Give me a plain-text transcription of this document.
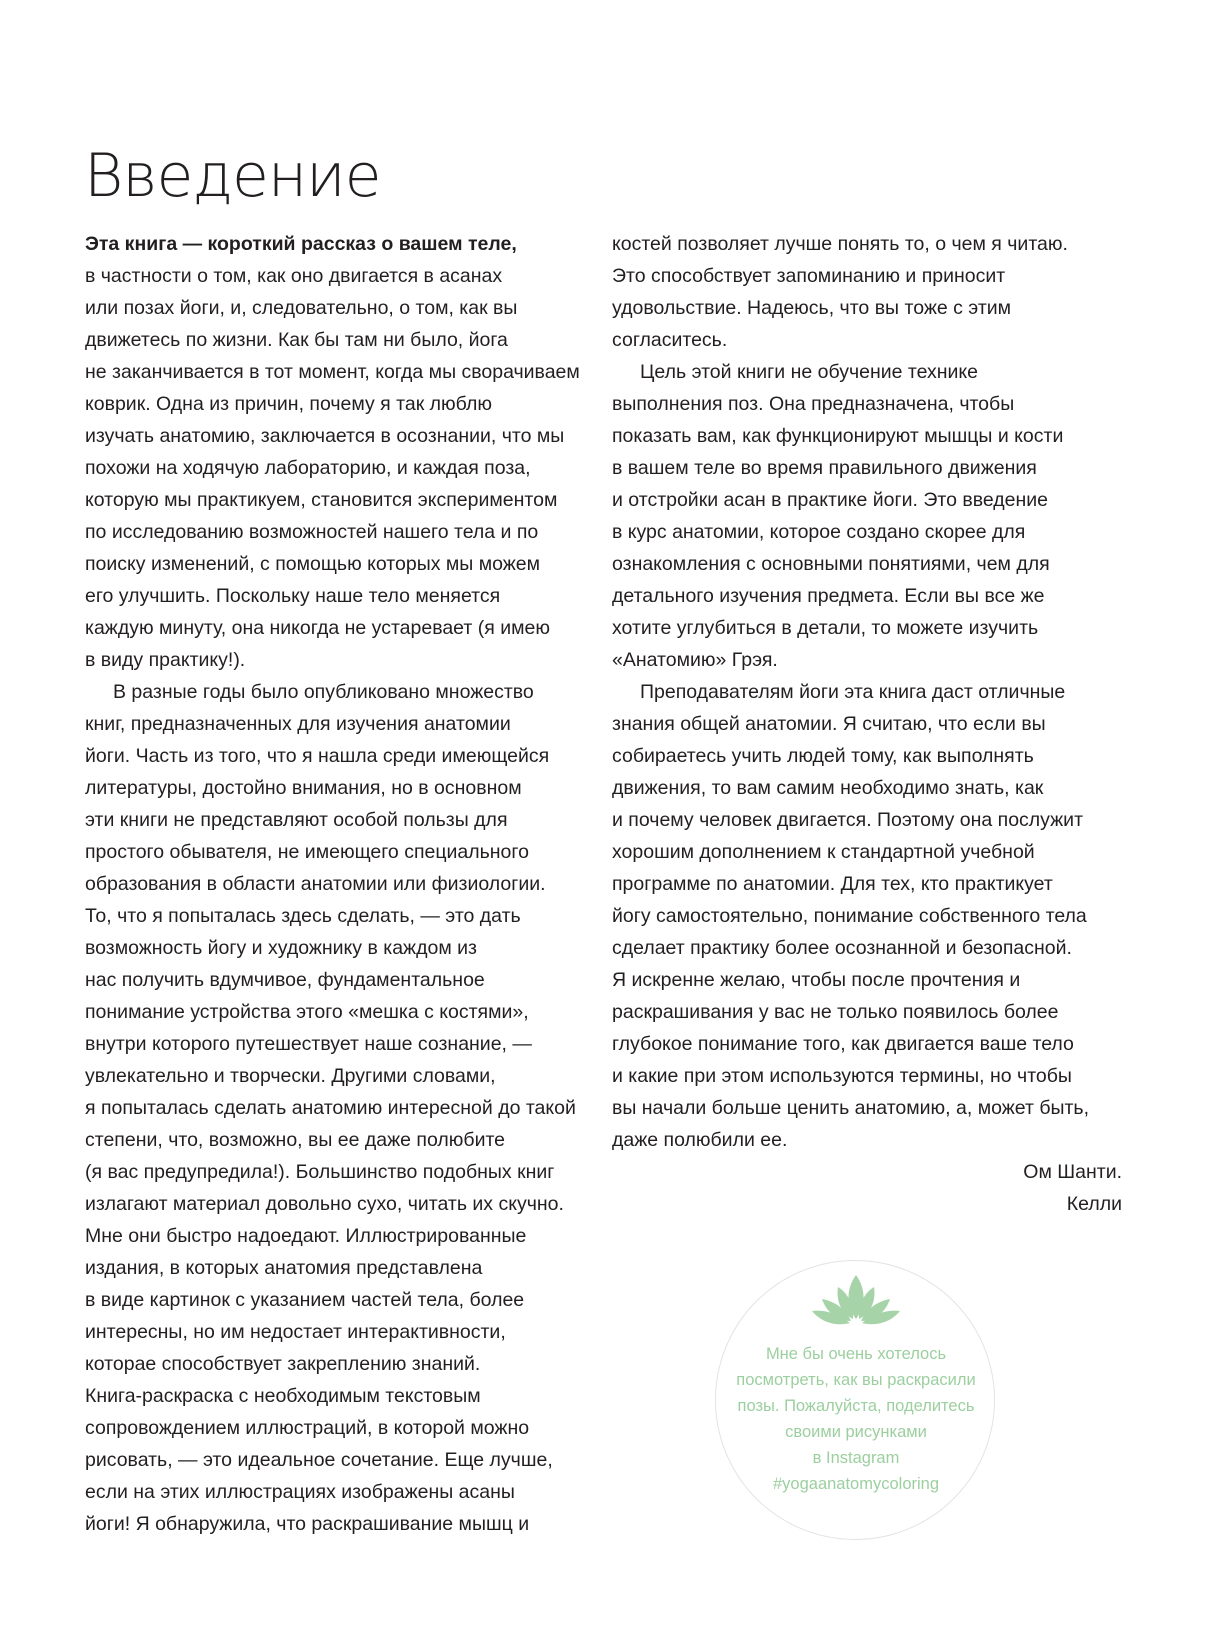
Введение
Эта книга — короткий рассказ о вашем теле,
в частности о том, как оно двигается в асанах
или позах йоги, и, следовательно, о том, как вы
движетесь по жизни. Как бы там ни было, йога
не заканчивается в тот момент, когда мы сворачиваем
коврик. Одна из причин, почему я так люблю
изучать анатомию, заключается в осознании, что мы
похожи на ходячую лабораторию, и каждая поза,
которую мы практикуем, становится экспериментом
по исследованию возможностей нашего тела и по
поиску изменений, с помощью которых мы можем
его улучшить. Поскольку наше тело меняется
каждую минуту, она никогда не устаревает (я имею
в виду практику!).
В разные годы было опубликовано множество
книг, предназначенных для изучения анатомии
йоги. Часть из того, что я нашла среди имеющейся
литературы, достойно внимания, но в основном
эти книги не представляют особой пользы для
простого обывателя, не имеющего специального
образования в области анатомии или физиологии.
То, что я попыталась здесь сделать, — это дать
возможность йогу и художнику в каждом из
нас получить вдумчивое, фундаментальное
понимание устройства этого «мешка с костями»,
внутри которого путешествует наше сознание, —
увлекательно и творчески. Другими словами,
я попыталась сделать анатомию интересной до такой
степени, что, возможно, вы ее даже полюбите
(я вас предупредила!). Большинство подобных книг
излагают материал довольно сухо, читать их скучно.
Мне они быстро надоедают. Иллюстрированные
издания, в которых анатомия представлена
в виде картинок с указанием частей тела, более
интересны, но им недостает интерактивности,
которае способствует закреплению знаний.
Книга-раскраска с необходимым текстовым
сопровождением иллюстраций, в которой можно
рисовать, — это идеальное сочетание. Еще лучше,
если на этих иллюстрациях изображены асаны
йоги! Я обнаружила, что раскрашивание мышц и
костей позволяет лучше понять то, о чем я читаю.
Это способствует запоминанию и приносит
удовольствие. Надеюсь, что вы тоже с этим
согласитесь.
Цель этой книги не обучение технике
выполнения поз. Она предназначена, чтобы
показать вам, как функционируют мышцы и кости
в вашем теле во время правильного движения
и отстройки асан в практике йоги. Это введение
в курс анатомии, которое создано скорее для
ознакомления с основными понятиями, чем для
детального изучения предмета. Если вы все же
хотите углубиться в детали, то можете изучить
«Анатомию» Грэя.
Преподавателям йоги эта книга даст отличные
знания общей анатомии. Я считаю, что если вы
собираетесь учить людей тому, как выполнять
движения, то вам самим необходимо знать, как
и почему человек двигается. Поэтому она послужит
хорошим дополнением к стандартной учебной
программе по анатомии. Для тех, кто практикует
йогу самостоятельно, понимание собственного тела
сделает практику более осознанной и безопасной.
Я искренне желаю, чтобы после прочтения и
раскрашивания у вас не только появилось более
глубокое понимание того, как двигается ваше тело
и какие при этом используются термины, но чтобы
вы начали больше ценить анатомию, а, может быть,
даже полюбили ее.
Ом Шанти.
Келли
Мне бы очень хотелось
посмотреть, как вы раскрасили
позы. Пожалуйста, поделитесь
своими рисунками
в Instagram
#yogaanatomycoloring
